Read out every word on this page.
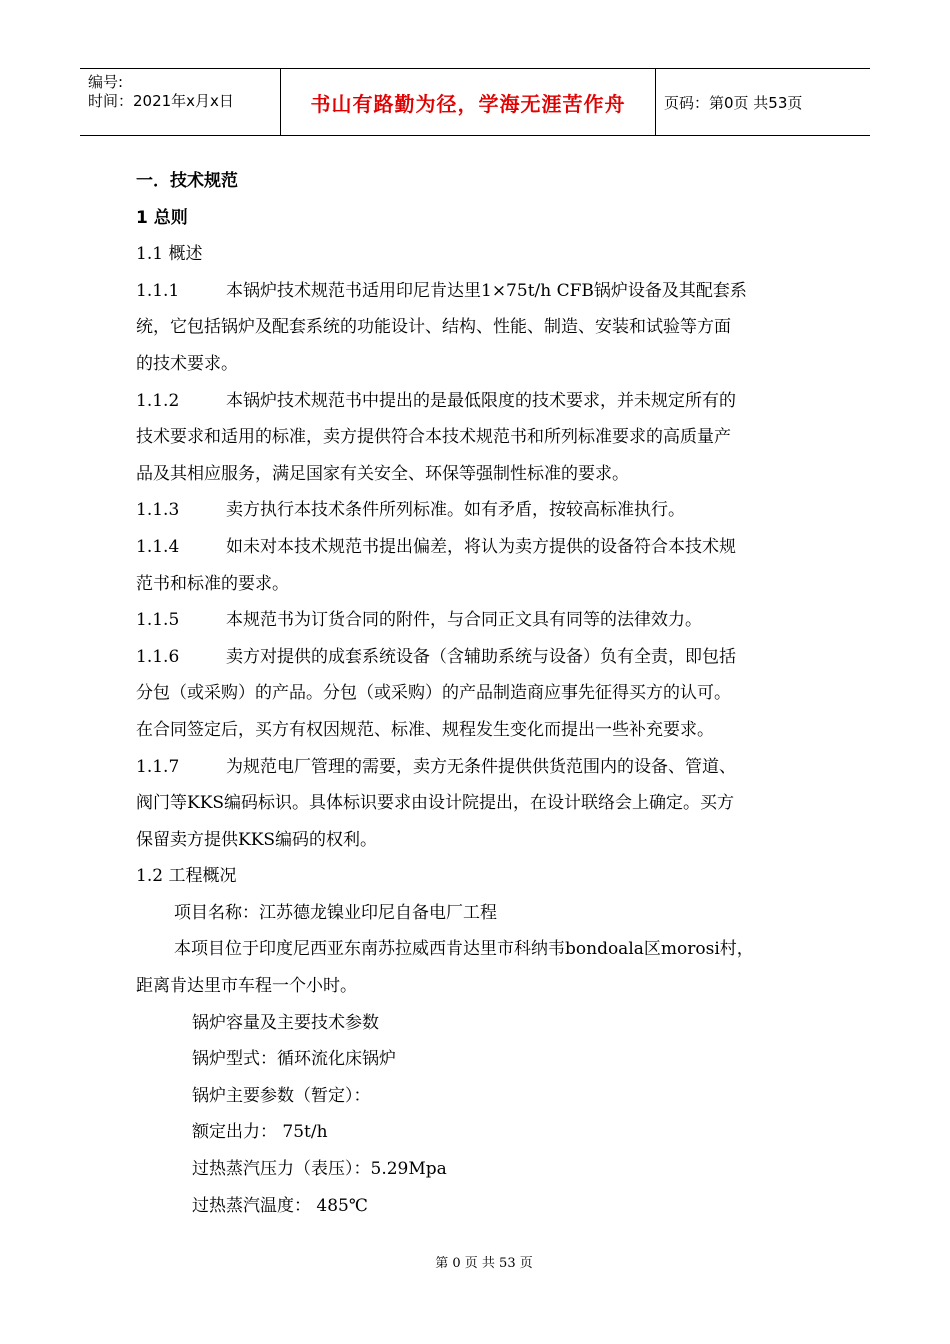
编号:
时间：2021年x月x日	书山有路勤为径，学海无涯苦作舟	页码：第0页 共53页
一．技术规范
1 总则
1.1 概述
1.1.1	本锅炉技术规范书适用印尼肯达里1×75t/h CFB锅炉设备及其配套系
统，它包括锅炉及配套系统的功能设计、结构、性能、制造、安装和试验等方面
的技术要求。
1.1.2	本锅炉技术规范书中提出的是最低限度的技术要求，并未规定所有的
技术要求和适用的标准，卖方提供符合本技术规范书和所列标准要求的高质量产
品及其相应服务，满足国家有关安全、环保等强制性标准的要求。
1.1.3	卖方执行本技术条件所列标准。如有矛盾，按较高标准执行。
1.1.4	如未对本技术规范书提出偏差，将认为卖方提供的设备符合本技术规
范书和标准的要求。
1.1.5	本规范书为订货合同的附件，与合同正文具有同等的法律效力。
1.1.6	卖方对提供的成套系统设备（含辅助系统与设备）负有全责，即包括
分包（或采购）的产品。分包（或采购）的产品制造商应事先征得买方的认可。
在合同签定后，买方有权因规范、标准、规程发生变化而提出一些补充要求。
1.1.7	为规范电厂管理的需要，卖方无条件提供供货范围内的设备、管道、
阀门等KKS编码标识。具体标识要求由设计院提出，在设计联络会上确定。买方
保留卖方提供KKS编码的权利。
1.2 工程概况
项目名称：江苏德龙镍业印尼自备电厂工程
本项目位于印度尼西亚东南苏拉威西肯达里市科纳韦bondoala区morosi村，
距离肯达里市车程一个小时。
锅炉容量及主要技术参数
锅炉型式：循环流化床锅炉
锅炉主要参数（暂定）：
额定出力： 75t/h
过热蒸汽压力（表压）：5.29Mpa
过热蒸汽温度： 485℃
第 0 页 共 53 页
